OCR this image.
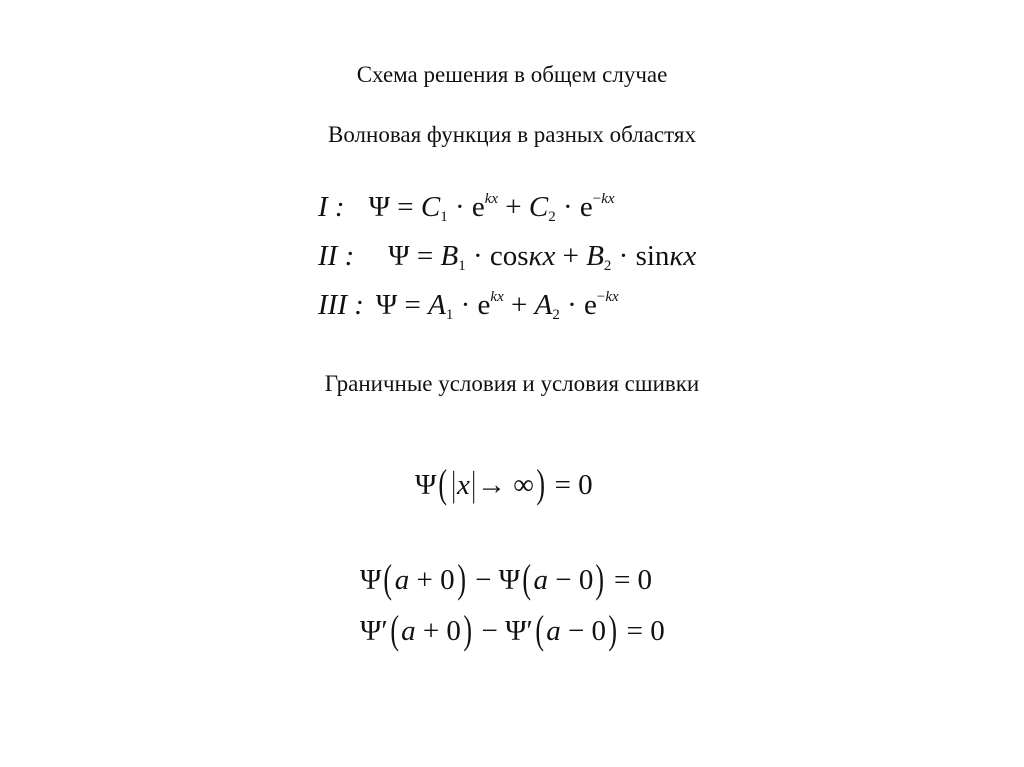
Схема решения в общем случае
Волновая функция в разных областях
I : $\Psi = C_1 \cdot e^{kx} + C_2 \cdot e^{-kx}$
II : $\Psi = B_1 \cdot \cos\kappa x + B_2 \cdot \sin\kappa x$
III : $\Psi = A_1 \cdot e^{kx} + A_2 \cdot e^{-kx}$
Граничные условия и условия сшивки
Ψ( |x|→ ∞) = 0
Ψ(a + 0) − Ψ(a − 0) = 0
Ψ′(a + 0) − Ψ′(a − 0) = 0
